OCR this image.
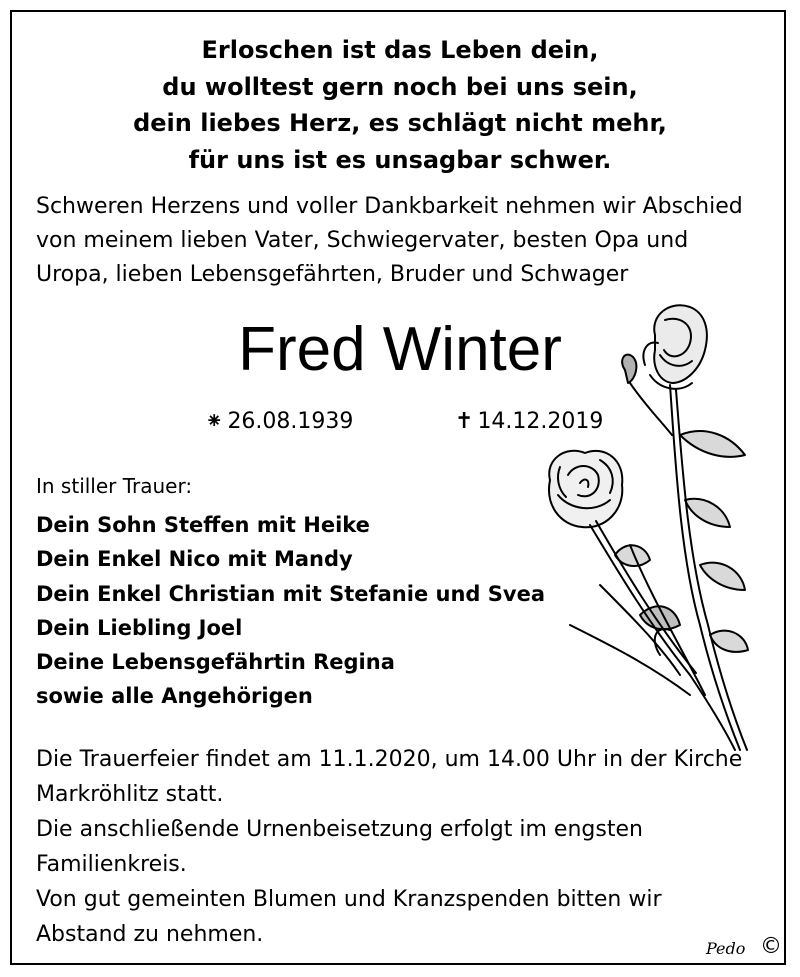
Erloschen ist das Leben dein,
du wolltest gern noch bei uns sein,
dein liebes Herz, es schlägt nicht mehr,
für uns ist es unsagbar schwer.
Schweren Herzens und voller Dankbarkeit nehmen wir Abschied
von meinem lieben Vater, Schwiegervater, besten Opa und
Uropa, lieben Lebensgefährten, Bruder und Schwager
Fred Winter
⁕ 26.08.1939	✝ 14.12.2019
In stiller Trauer:
Dein Sohn Steffen mit Heike
Dein Enkel Nico mit Mandy
Dein Enkel Christian mit Stefanie und Svea
Dein Liebling Joel
Deine Lebensgefährtin Regina
sowie alle Angehörigen
Die Trauerfeier findet am 11.1.2020, um 14.00 Uhr in der Kirche
Markröhlitz statt.
Die anschließende Urnenbeisetzung erfolgt im engsten
Familienkreis.
Von gut gemeinten Blumen und Kranzspenden bitten wir
Abstand zu nehmen.
Pedo ©
